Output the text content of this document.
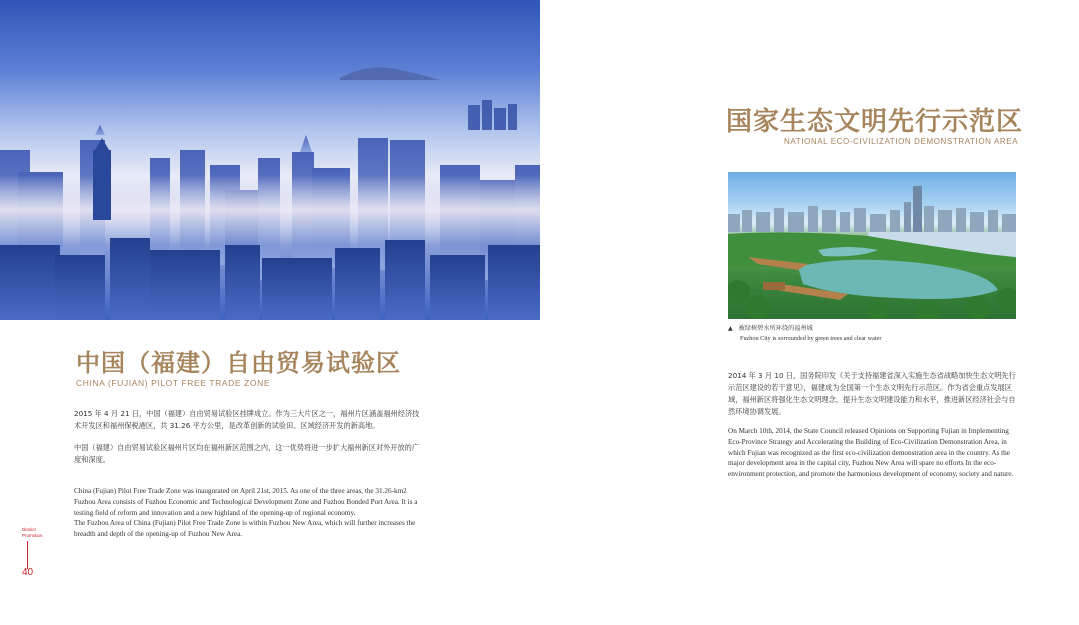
中国（福建）自由贸易试验区
CHINA (FUJIAN) PILOT FREE TRADE ZONE

2015 年 4 月 21 日，中国（福建）自由贸易试验区挂牌成立。作为三大片区之一，福州片区涵盖福州经济技术开发区和福州保税港区，共 31.26 平方公里，是改革创新的试验田、区域经济开发的新高地。

中国（福建）自由贸易试验区福州片区均在福州新区范围之内，这一优势将进一步扩大福州新区对外开放的广度和深度。

China (Fujian) Pilot Free Trade Zone was inaugurated on April 21st, 2015. As one of the three areas, the 31.26-km2 Fuzhou Area consists of Fuzhou Economic and Technological Development Zone and Fuzhou Bonded Port Area. It is a testing field of reform and innovation and a new highland of the opening-up of regional economy.

The Fuzhou Area of China (Fujian) Pilot Free Trade Zone is within Fuzhou New Area, which will further increases the breadth and depth of the opening-up of Fuzhou New Area.

District
Promotion
40
国家生态文明先行示范区
NATIONAL ECO-CIVILIZATION DEMONSTRATION AREA
▲ 被绿树碧水所环绕的福州城
Fuzhou City is sorrounded by green trees and clear water

2014 年 3 月 10 日，国务院印发《关于支持福建省深入实施生态省战略加快生态文明先行示范区建设的若干意见》，福建成为全国第一个生态文明先行示范区。作为省会重点发展区域，福州新区将强化生态文明理念，提升生态文明建设能力和水平，推进新区经济社会与自然环境协调发展。

On March 10th, 2014, the State Council released Opinions on Supporting Fujian in Implementing Eco-Province Strategy and Accelerating the Building of Eco-Civilization Demonstration Area, in which Fujian was recognized as the first eco-civilization demonstration area in the country. As the major development area in the capital city, Fuzhou New Area will spare no efforts In the eco-environment protection, and promote the harmonious development of economy, society and nature.
